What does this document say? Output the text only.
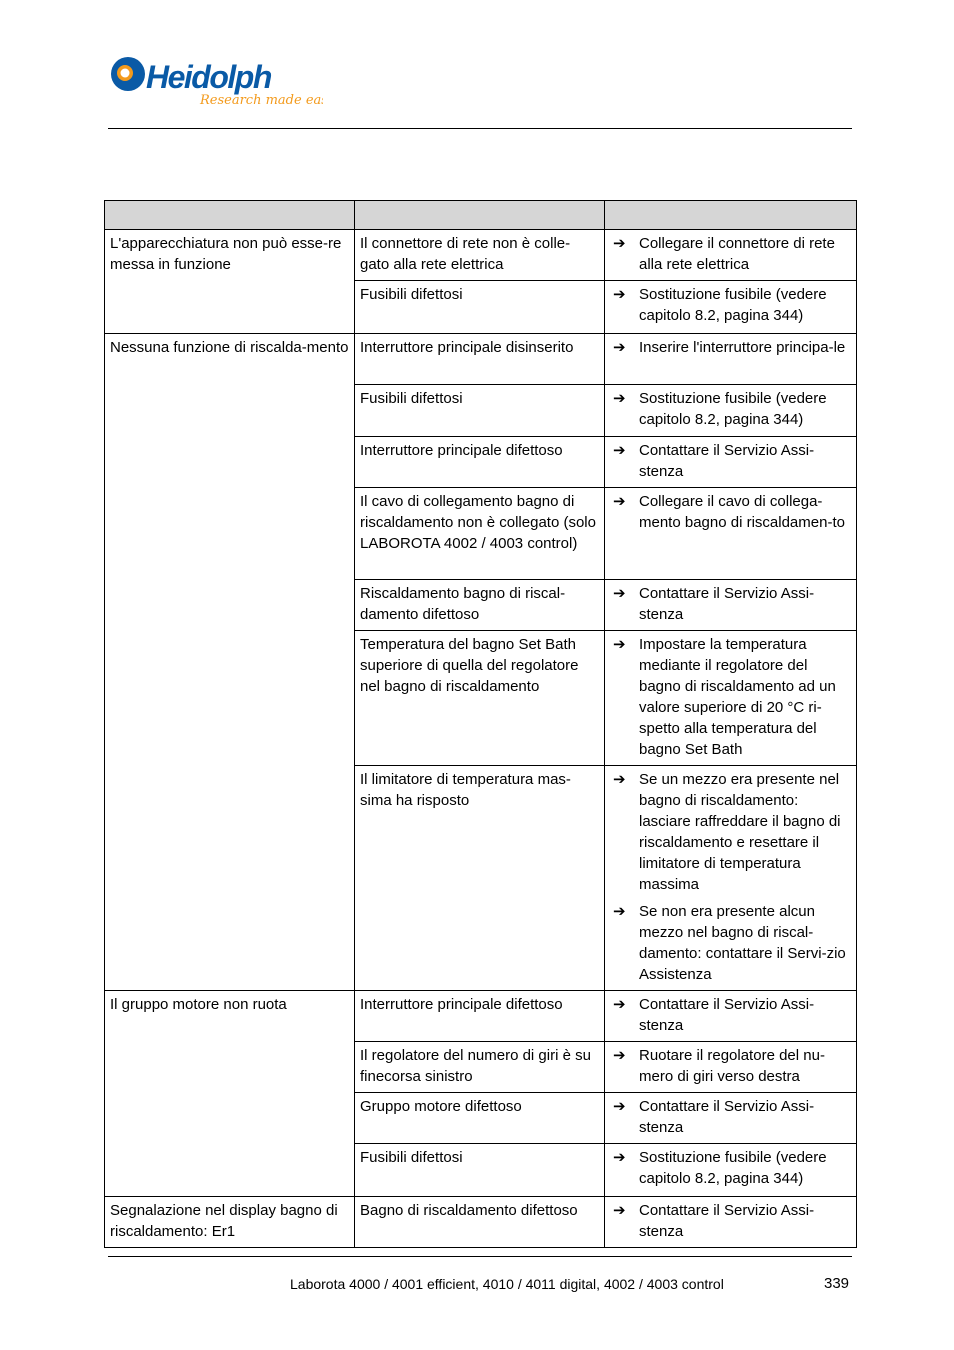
Heidolph
Research made easy

L'apparecchiatura non può esse-re messa in funzione	Il connettore di rete non è colle-gato alla rete elettrica	➔ Collegare il connettore di rete alla rete elettrica

	Fusibili difettosi	➔ Sostituzione fusibile (vedere capitolo 8.2, pagina 344)

Nessuna funzione di riscalda-mento	Interruttore principale disinserito	➔ Inserire l'interruttore principa-le

	Fusibili difettosi	➔ Sostituzione fusibile (vedere capitolo 8.2, pagina 344)

	Interruttore principale difettoso	➔ Contattare il Servizio Assi-stenza

	Il cavo di collegamento bagno di riscaldamento non è collegato (solo LABOROTA 4002 / 4003 control)	➔ Collegare il cavo di collega-mento bagno di riscaldamen-to

	Riscaldamento bagno di riscal-damento difettoso	➔ Contattare il Servizio Assi-stenza

	Temperatura del bagno Set Bath superiore di quella del regolatore nel bagno di riscaldamento	➔ Impostare la temperatura mediante il regolatore del bagno di riscaldamento ad un valore superiore di 20 °C ri-spetto alla temperatura del bagno Set Bath

	Il limitatore di temperatura mas-sima ha risposto	➔ Se un mezzo era presente nel bagno di riscaldamento: lasciare raffreddare il bagno di riscaldamento e resettare il limitatore di temperatura massima
➔ Se non era presente alcun mezzo nel bagno di riscal-damento: contattare il Servi-zio Assistenza

Il gruppo motore non ruota	Interruttore principale difettoso	➔ Contattare il Servizio Assi-stenza

	Il regolatore del numero di giri è su finecorsa sinistro	➔ Ruotare il regolatore del nu-mero di giri verso destra

	Gruppo motore difettoso	➔ Contattare il Servizio Assi-stenza

	Fusibili difettosi	➔ Sostituzione fusibile (vedere capitolo 8.2, pagina 344)

Segnalazione nel display bagno di riscaldamento: Er1	Bagno di riscaldamento difettoso	➔ Contattare il Servizio Assi-stenza
Laborota 4000 / 4001 efficient, 4010 / 4011 digital, 4002 / 4003 control	339
